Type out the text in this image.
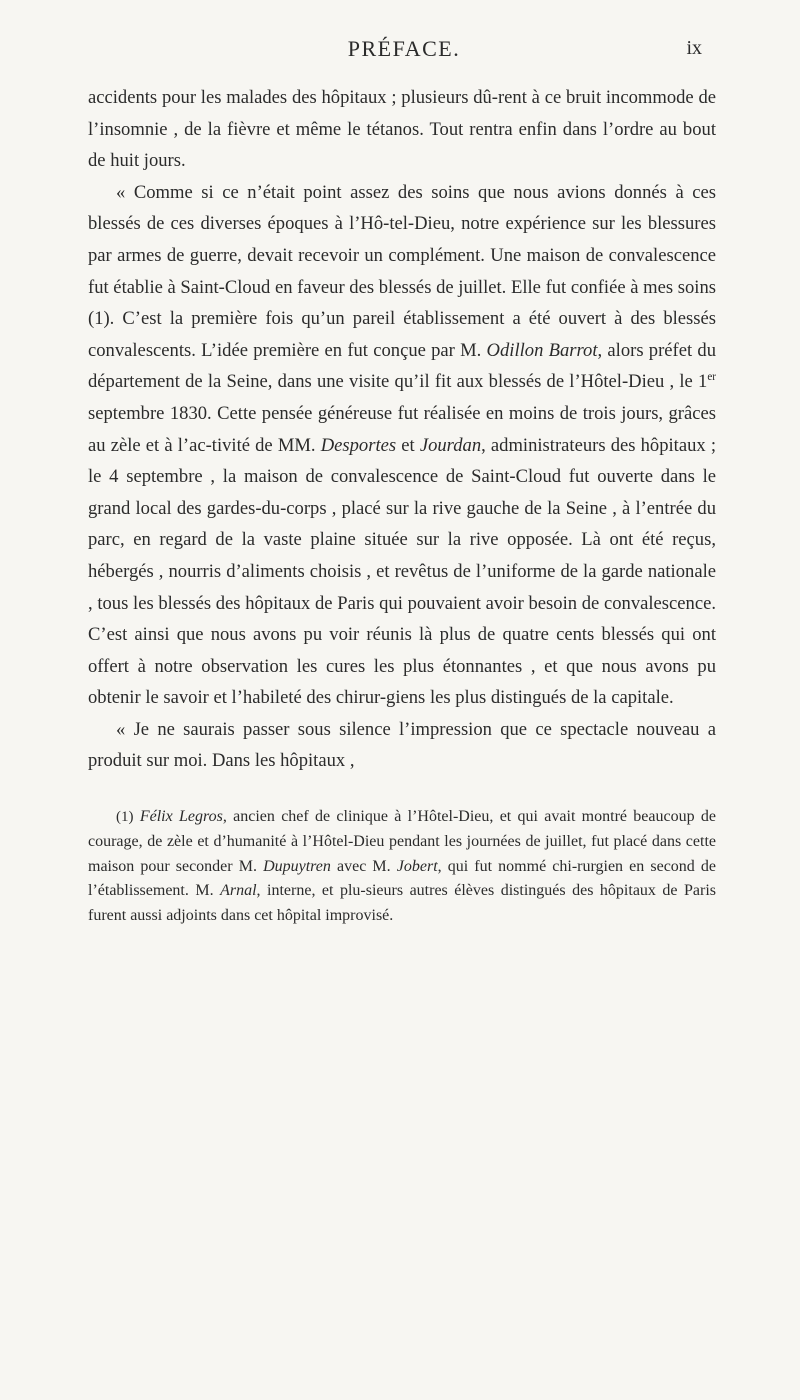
PRÉFACE.	ix

accidents pour les malades des hôpitaux ; plusieurs dû-rent à ce bruit incommode de l’insomnie , de la fièvre et même le tétanos. Tout rentra enfin dans l’ordre au bout de huit jours.

« Comme si ce n’était point assez des soins que nous avions donnés à ces blessés de ces diverses époques à l’Hô-tel-Dieu, notre expérience sur les blessures par armes de guerre, devait recevoir un complément. Une maison de convalescence fut établie à Saint-Cloud en faveur des blessés de juillet. Elle fut confiée à mes soins (1). C’est la première fois qu’un pareil établissement a été ouvert à des blessés convalescents. L’idée première en fut conçue par M. Odillon Barrot, alors préfet du département de la Seine, dans une visite qu’il fit aux blessés de l’Hôtel-Dieu , le 1er septembre 1830. Cette pensée généreuse fut réalisée en moins de trois jours, grâces au zèle et à l’ac-tivité de MM. Desportes et Jourdan, administrateurs des hôpitaux ; le 4 septembre , la maison de convalescence de Saint-Cloud fut ouverte dans le grand local des gardes-du-corps , placé sur la rive gauche de la Seine , à l’entrée du parc, en regard de la vaste plaine située sur la rive opposée. Là ont été reçus, hébergés , nourris d’aliments choisis , et revêtus de l’uniforme de la garde nationale , tous les blessés des hôpitaux de Paris qui pouvaient avoir besoin de convalescence. C’est ainsi que nous avons pu voir réunis là plus de quatre cents blessés qui ont offert à notre observation les cures les plus étonnantes , et que nous avons pu obtenir le savoir et l’habileté des chirur-giens les plus distingués de la capitale.

« Je ne saurais passer sous silence l’impression que ce spectacle nouveau a produit sur moi. Dans les hôpitaux ,

(1) Félix Legros, ancien chef de clinique à l’Hôtel-Dieu, et qui avait montré beaucoup de courage, de zèle et d’humanité à l’Hôtel-Dieu pendant les journées de juillet, fut placé dans cette maison pour seconder M. Dupuytren avec M. Jobert, qui fut nommé chi-rurgien en second de l’établissement. M. Arnal, interne, et plu-sieurs autres élèves distingués des hôpitaux de Paris furent aussi adjoints dans cet hôpital improvisé.
